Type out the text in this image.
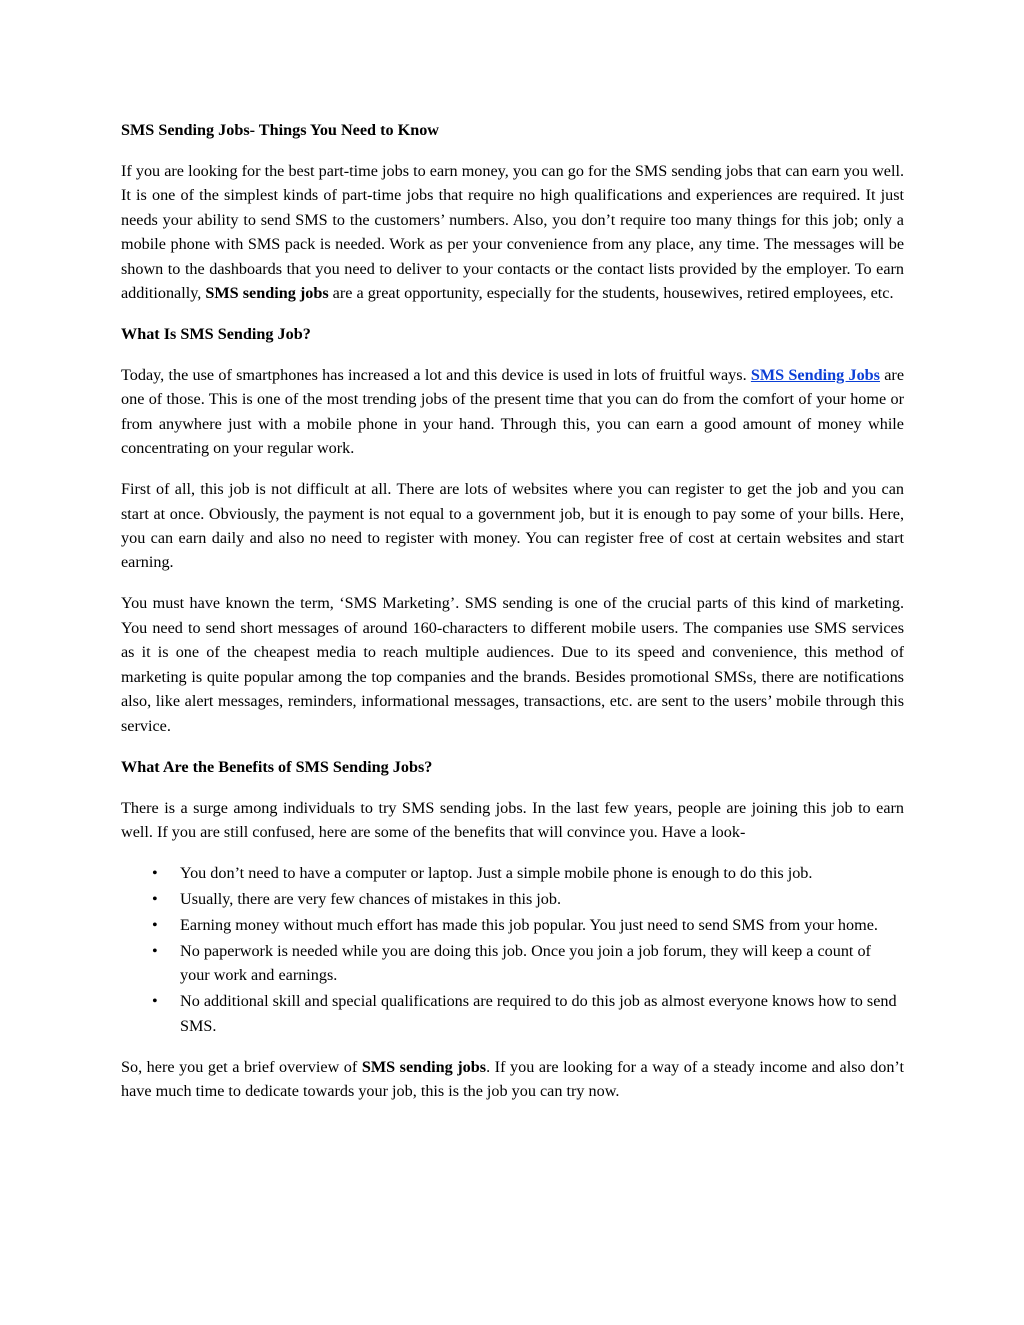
SMS Sending Jobs- Things You Need to Know

If you are looking for the best part-time jobs to earn money, you can go for the SMS sending jobs that can earn you well. It is one of the simplest kinds of part-time jobs that require no high qualifications and experiences are required. It just needs your ability to send SMS to the customers’ numbers. Also, you don’t require too many things for this job; only a mobile phone with SMS pack is needed. Work as per your convenience from any place, any time. The messages will be shown to the dashboards that you need to deliver to your contacts or the contact lists provided by the employer. To earn additionally, SMS sending jobs are a great opportunity, especially for the students, housewives, retired employees, etc.

What Is SMS Sending Job?

Today, the use of smartphones has increased a lot and this device is used in lots of fruitful ways. SMS Sending Jobs are one of those. This is one of the most trending jobs of the present time that you can do from the comfort of your home or from anywhere just with a mobile phone in your hand. Through this, you can earn a good amount of money while concentrating on your regular work.

First of all, this job is not difficult at all. There are lots of websites where you can register to get the job and you can start at once. Obviously, the payment is not equal to a government job, but it is enough to pay some of your bills. Here, you can earn daily and also no need to register with money. You can register free of cost at certain websites and start earning.

You must have known the term, ‘SMS Marketing’. SMS sending is one of the crucial parts of this kind of marketing. You need to send short messages of around 160-characters to different mobile users. The companies use SMS services as it is one of the cheapest media to reach multiple audiences. Due to its speed and convenience, this method of marketing is quite popular among the top companies and the brands. Besides promotional SMSs, there are notifications also, like alert messages, reminders, informational messages, transactions, etc. are sent to the users’ mobile through this service.

What Are the Benefits of SMS Sending Jobs?

There is a surge among individuals to try SMS sending jobs. In the last few years, people are joining this job to earn well. If you are still confused, here are some of the benefits that will convince you. Have a look-

• You don’t need to have a computer or laptop. Just a simple mobile phone is enough to do this job.
• Usually, there are very few chances of mistakes in this job.
• Earning money without much effort has made this job popular. You just need to send SMS from your home.
• No paperwork is needed while you are doing this job. Once you join a job forum, they will keep a count of your work and earnings.
• No additional skill and special qualifications are required to do this job as almost everyone knows how to send SMS.

So, here you get a brief overview of SMS sending jobs. If you are looking for a way of a steady income and also don’t have much time to dedicate towards your job, this is the job you can try now.
